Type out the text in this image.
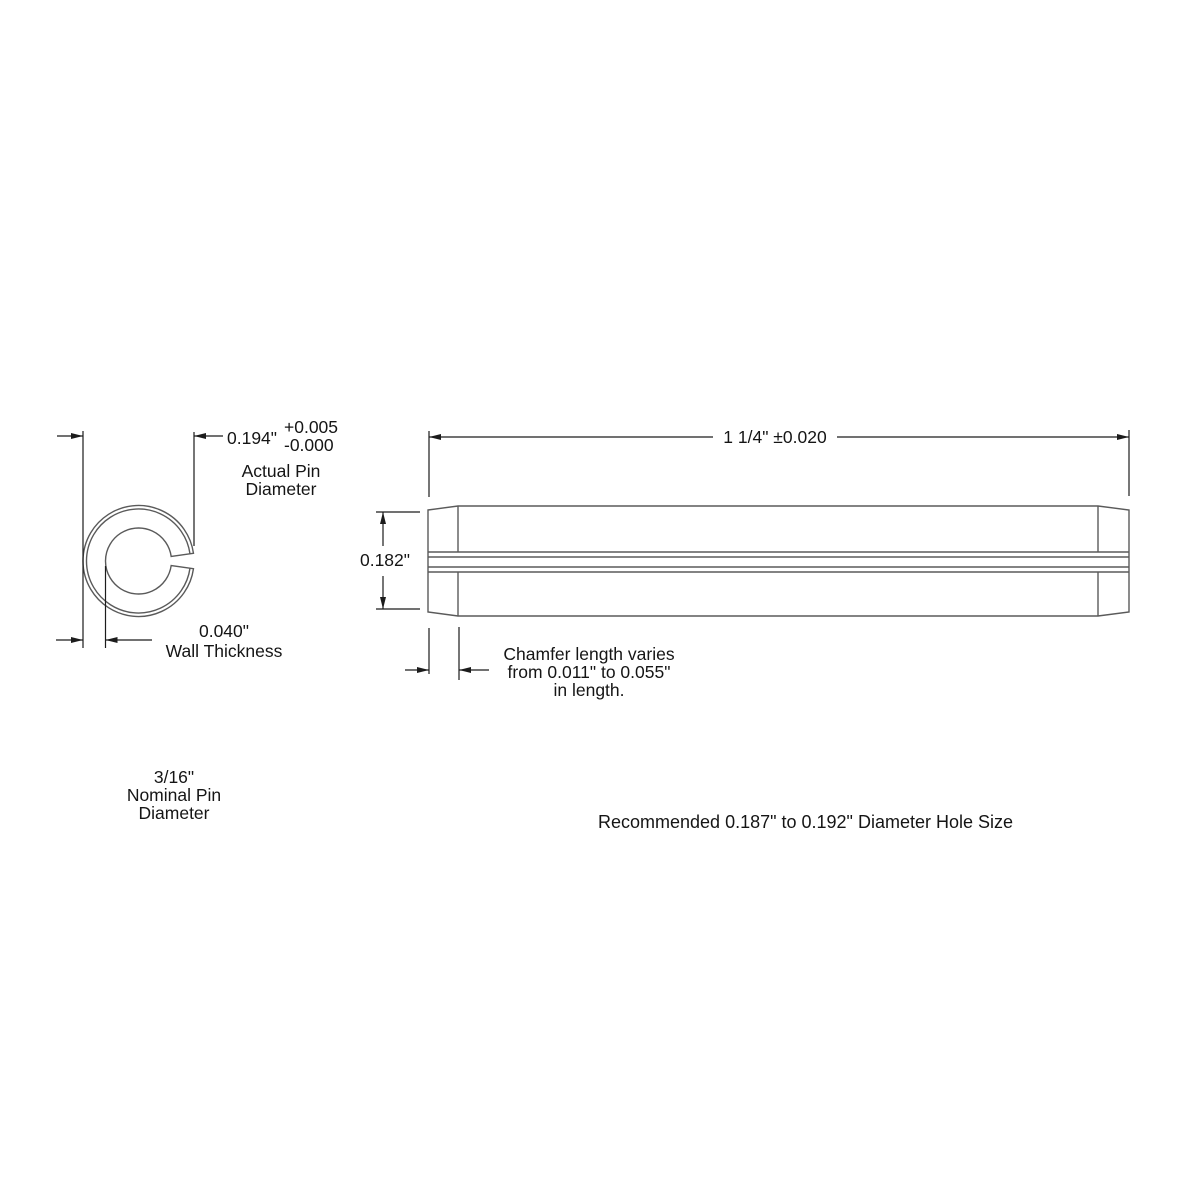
0.194"
+0.005
-0.000
Actual Pin
Diameter
0.040"
Wall Thickness
3/16"
Nominal Pin
Diameter
1 1/4" ±0.020
0.182"
Chamfer length varies
from 0.011" to 0.055"
in length.
Recommended 0.187" to 0.192" Diameter Hole Size
